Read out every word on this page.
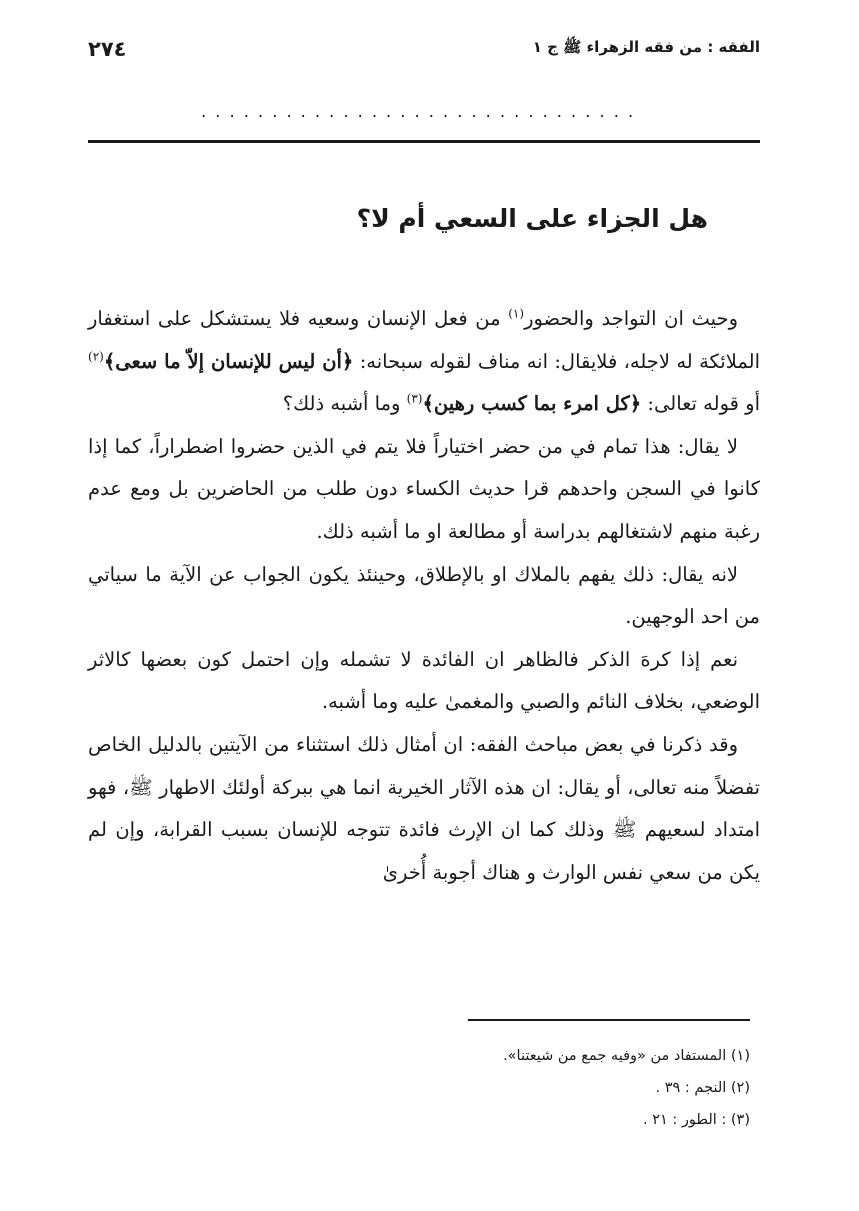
الفقه : من فقه الزهراء ﷺ ج ١
٢٧٤
...............................
هل الجزاء على السعي أم لا؟

وحيث ان التواجد والحضور$^{(١)}$ من فعل الإنسان وسعيه فلا يستشكل على استغفار الملائكة له لاجله، فلايقال: انه مناف لقوله سبحانه: ﴿أن ليس للإنسان إلاّ ما سعى﴾$^{(٢)}$ أو قوله تعالى: ﴿كل امرء بما كسب رهين﴾$^{(٣)}$ وما أشبه ذلك؟

لا يقال: هذا تمام في من حضر اختياراً فلا يتم في الذين حضروا اضطراراً، كما إذا كانوا في السجن واحدهم قرا حديث الكساء دون طلب من الحاضرين بل ومع عدم رغبة منهم لاشتغالهم بدراسة أو مطالعة او ما أشبه ذلك.

لانه يقال: ذلك يفهم بالملاك او بالإطلاق، وحينئذ يكون الجواب عن الآية ما سياتي من احد الوجهين.

نعم إذا كرهَ الذكر فالظاهر ان الفائدة لا تشمله وإن احتمل كون بعضها كالاثر الوضعي، بخلاف النائم والصبي والمغمىٰ عليه وما أشبه.

وقد ذكرنا في بعض مباحث الفقه: ان أمثال ذلك استثناء من الآيتين بالدليل الخاص تفضلاً منه تعالى، أو يقال: ان هذه الآثار الخيرية انما هي ببركة أولئك الاطهار ﷺ، فهو امتداد لسعيهم ﷺ وذلك كما ان الإرث فائدة تتوجه للإنسان بسبب القرابة، وإن لم يكن من سعي نفس الوارث و هناك أجوبة أُخرىٰ

(١) المستفاد من «وفيه جمع من شيعتنا».

(٢) النجم : ٣٩ .

(٣) : الطور : ٢١ .
